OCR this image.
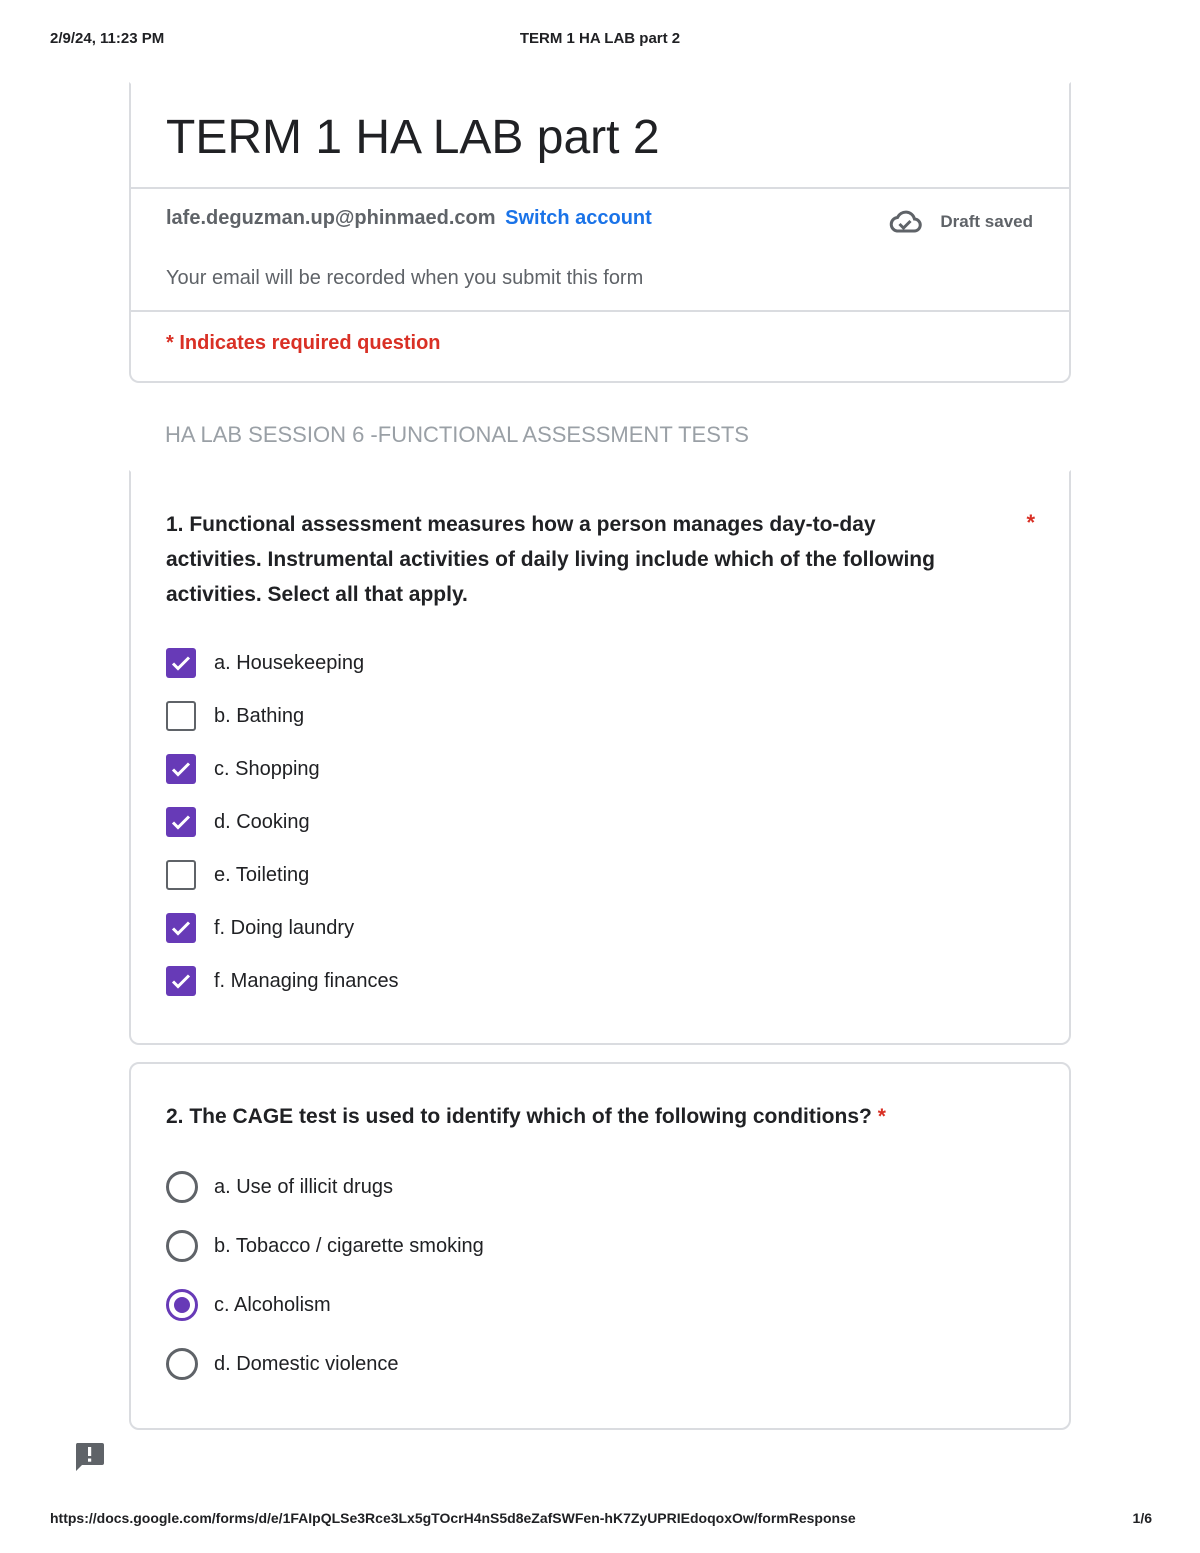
2/9/24, 11:23 PM	TERM 1 HA LAB part 2
TERM 1 HA LAB part 2
lafe.deguzman.up@phinmaed.com Switch account	Draft saved
Your email will be recorded when you submit this form
* Indicates required question
HA LAB SESSION 6 -FUNCTIONAL ASSESSMENT TESTS
1. Functional assessment measures how a person manages day-to-day
activities. Instrumental activities of daily living include which of the following
activities. Select all that apply.
*
a. Housekeeping
b. Bathing
c. Shopping
d. Cooking
e. Toileting
f. Doing laundry
f. Managing finances
2. The CAGE test is used to identify which of the following conditions? *
a. Use of illicit drugs
b. Tobacco / cigarette smoking
c. Alcoholism
d. Domestic violence
https://docs.google.com/forms/d/e/1FAIpQLSe3Rce3Lx5gTOcrH4nS5d8eZafSWFen-hK7ZyUPRIEdoqoxOw/formResponse	1/6
